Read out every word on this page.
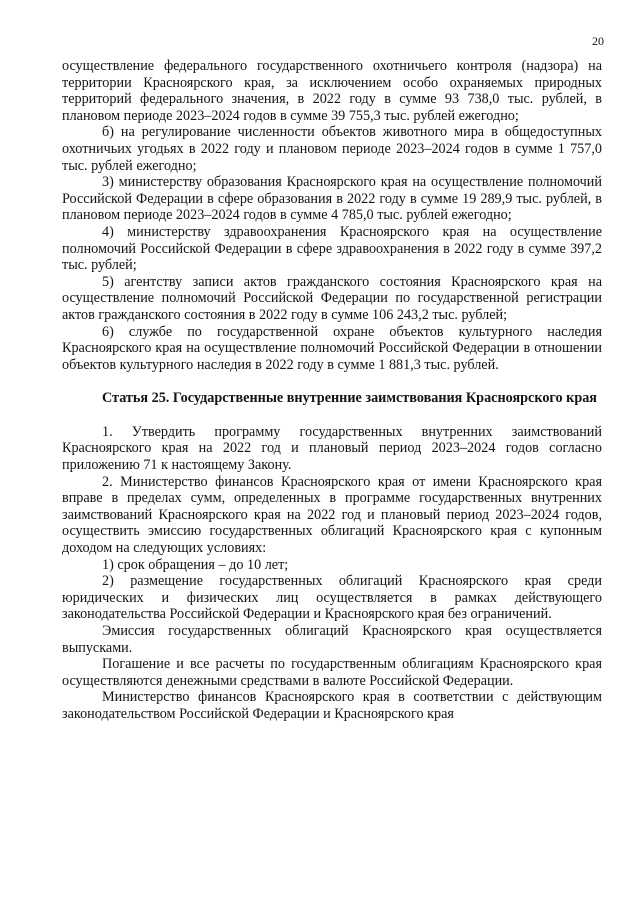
20

осуществление федерального государственного охотничьего контроля (надзора) на территории Красноярского края, за исключением особо охраняемых природных территорий федерального значения, в 2022 году в сумме 93 738,0 тыс. рублей, в плановом периоде 2023–2024 годов в сумме 39 755,3 тыс. рублей ежегодно;

б) на регулирование численности объектов животного мира в общедоступных охотничьих угодьях в 2022 году и плановом периоде 2023–2024 годов в сумме 1 757,0 тыс. рублей ежегодно;

3) министерству образования Красноярского края на осуществление полномочий Российской Федерации в сфере образования в 2022 году в сумме 19 289,9 тыс. рублей, в плановом периоде 2023–2024 годов в сумме 4 785,0 тыс. рублей ежегодно;

4) министерству здравоохранения Красноярского края на осуществление полномочий Российской Федерации в сфере здравоохранения в 2022 году в сумме 397,2 тыс. рублей;

5) агентству записи актов гражданского состояния Красноярского края на осуществление полномочий Российской Федерации по государственной регистрации актов гражданского состояния в 2022 году в сумме 106 243,2 тыс. рублей;

6) службе по государственной охране объектов культурного наследия Красноярского края на осуществление полномочий Российской Федерации в отношении объектов культурного наследия в 2022 году в сумме 1 881,3 тыс. рублей.

Статья 25. Государственные внутренние заимствования Красноярского края

1. Утвердить программу государственных внутренних заимствований Красноярского края на 2022 год и плановый период 2023–2024 годов согласно приложению 71 к настоящему Закону.

2. Министерство финансов Красноярского края от имени Красноярского края вправе в пределах сумм, определенных в программе государственных внутренних заимствований Красноярского края на 2022 год и плановый период 2023–2024 годов, осуществить эмиссию государственных облигаций Красноярского края с купонным доходом на следующих условиях:

1) срок обращения – до 10 лет;

2) размещение государственных облигаций Красноярского края среди юридических и физических лиц осуществляется в рамках действующего законодательства Российской Федерации и Красноярского края без ограничений.

Эмиссия государственных облигаций Красноярского края осуществляется выпусками.

Погашение и все расчеты по государственным облигациям Красноярского края осуществляются денежными средствами в валюте Российской Федерации.

Министерство финансов Красноярского края в соответствии с действующим законодательством Российской Федерации и Красноярского края
